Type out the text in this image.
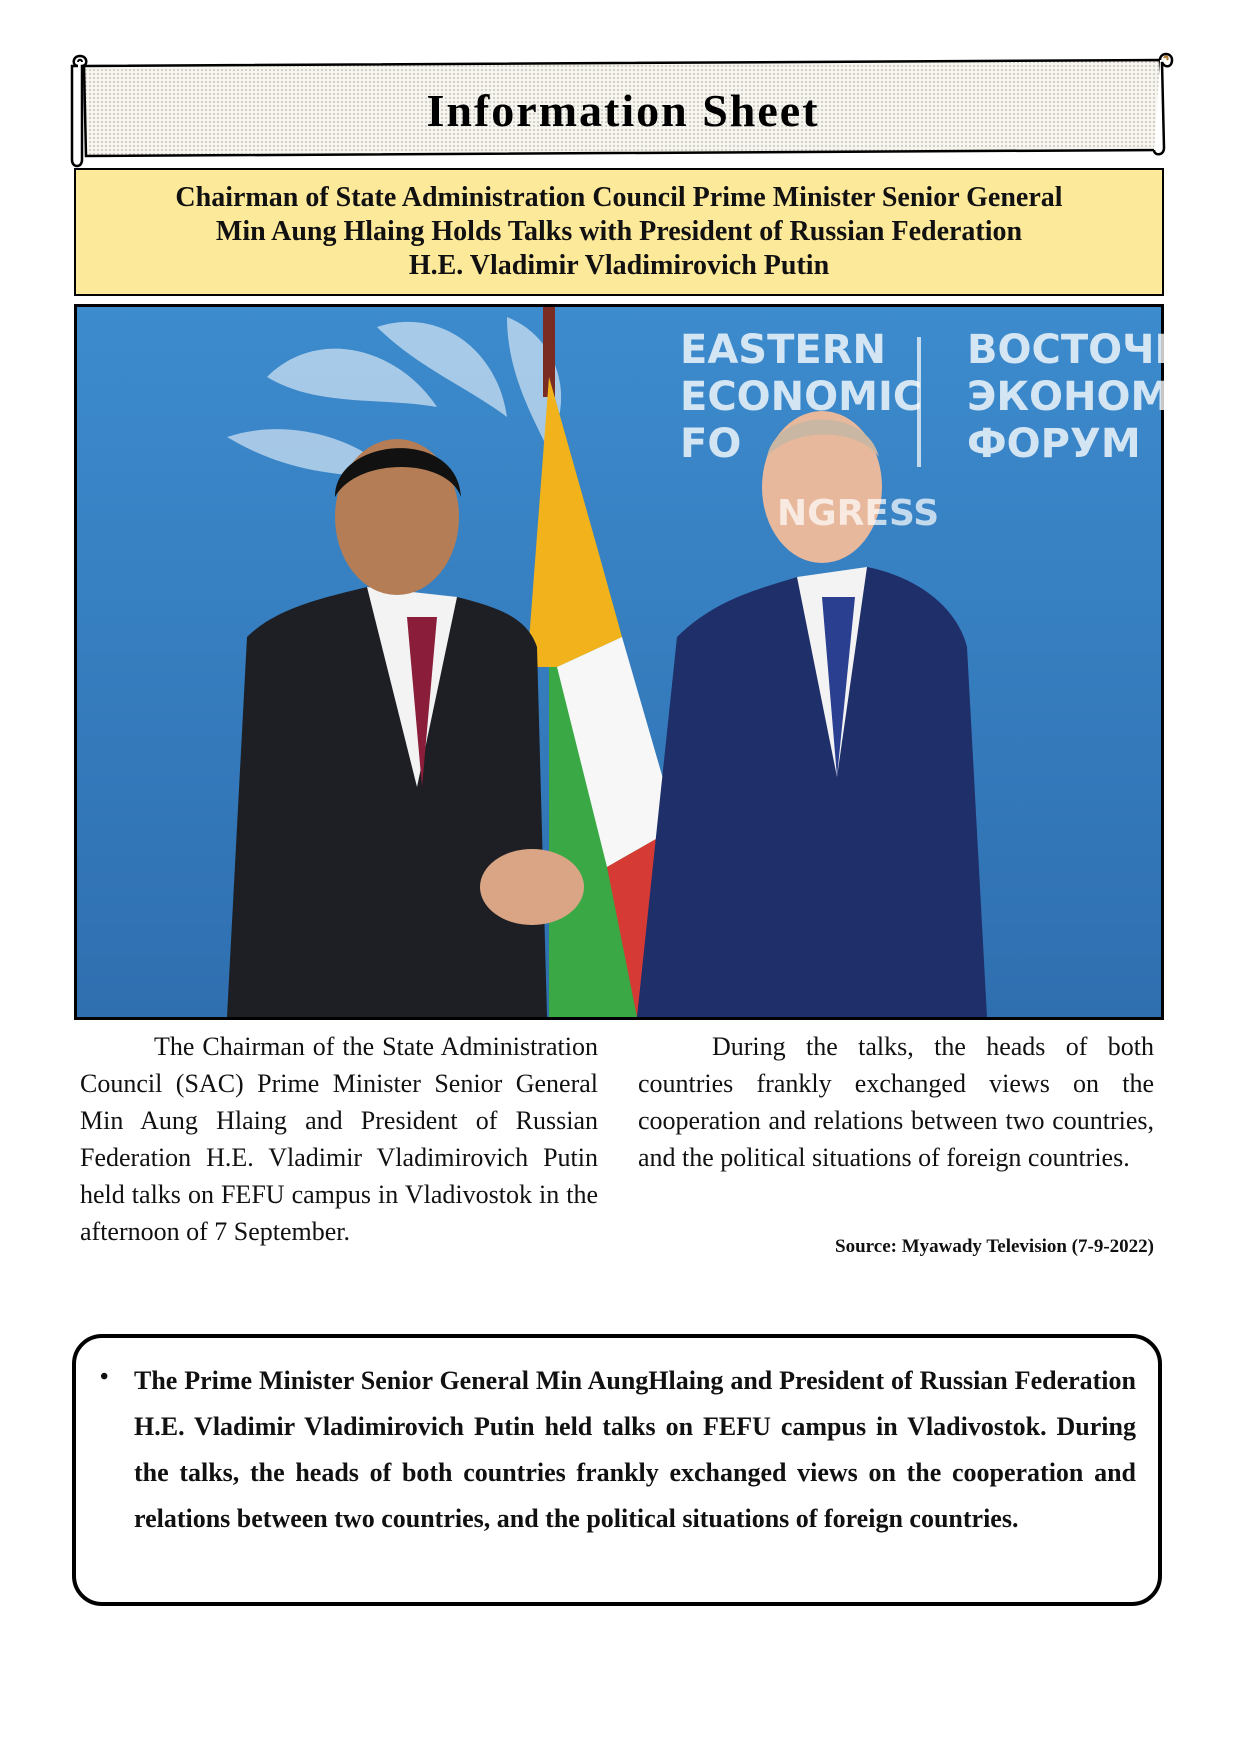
Information Sheet
Chairman of State Administration Council Prime Minister Senior General
Min Aung Hlaing Holds Talks with President of Russian Federation
H.E. Vladimir Vladimirovich Putin
EASTERN
ECONOMIC
FO
ВОСТОЧН
ЭКОНОМИ
ФОРУМ
NGRESS

The Chairman of the State Administration Council (SAC) Prime Minister Senior General Min Aung Hlaing and President of Russian Federation H.E. Vladimir Vladimirovich Putin held talks on FEFU campus in Vladivostok in the afternoon of 7 September.

During the talks, the heads of both countries frankly exchanged views on the cooperation and relations between two countries, and the political situations of foreign countries.

Source: Myawady Television (7-9-2022)
• The Prime Minister Senior General Min AungHlaing and President of Russian Federation H.E. Vladimir Vladimirovich Putin held talks on FEFU campus in Vladivostok. During the talks, the heads of both countries frankly exchanged views on the cooperation and relations between two countries, and the political situations of foreign countries.
